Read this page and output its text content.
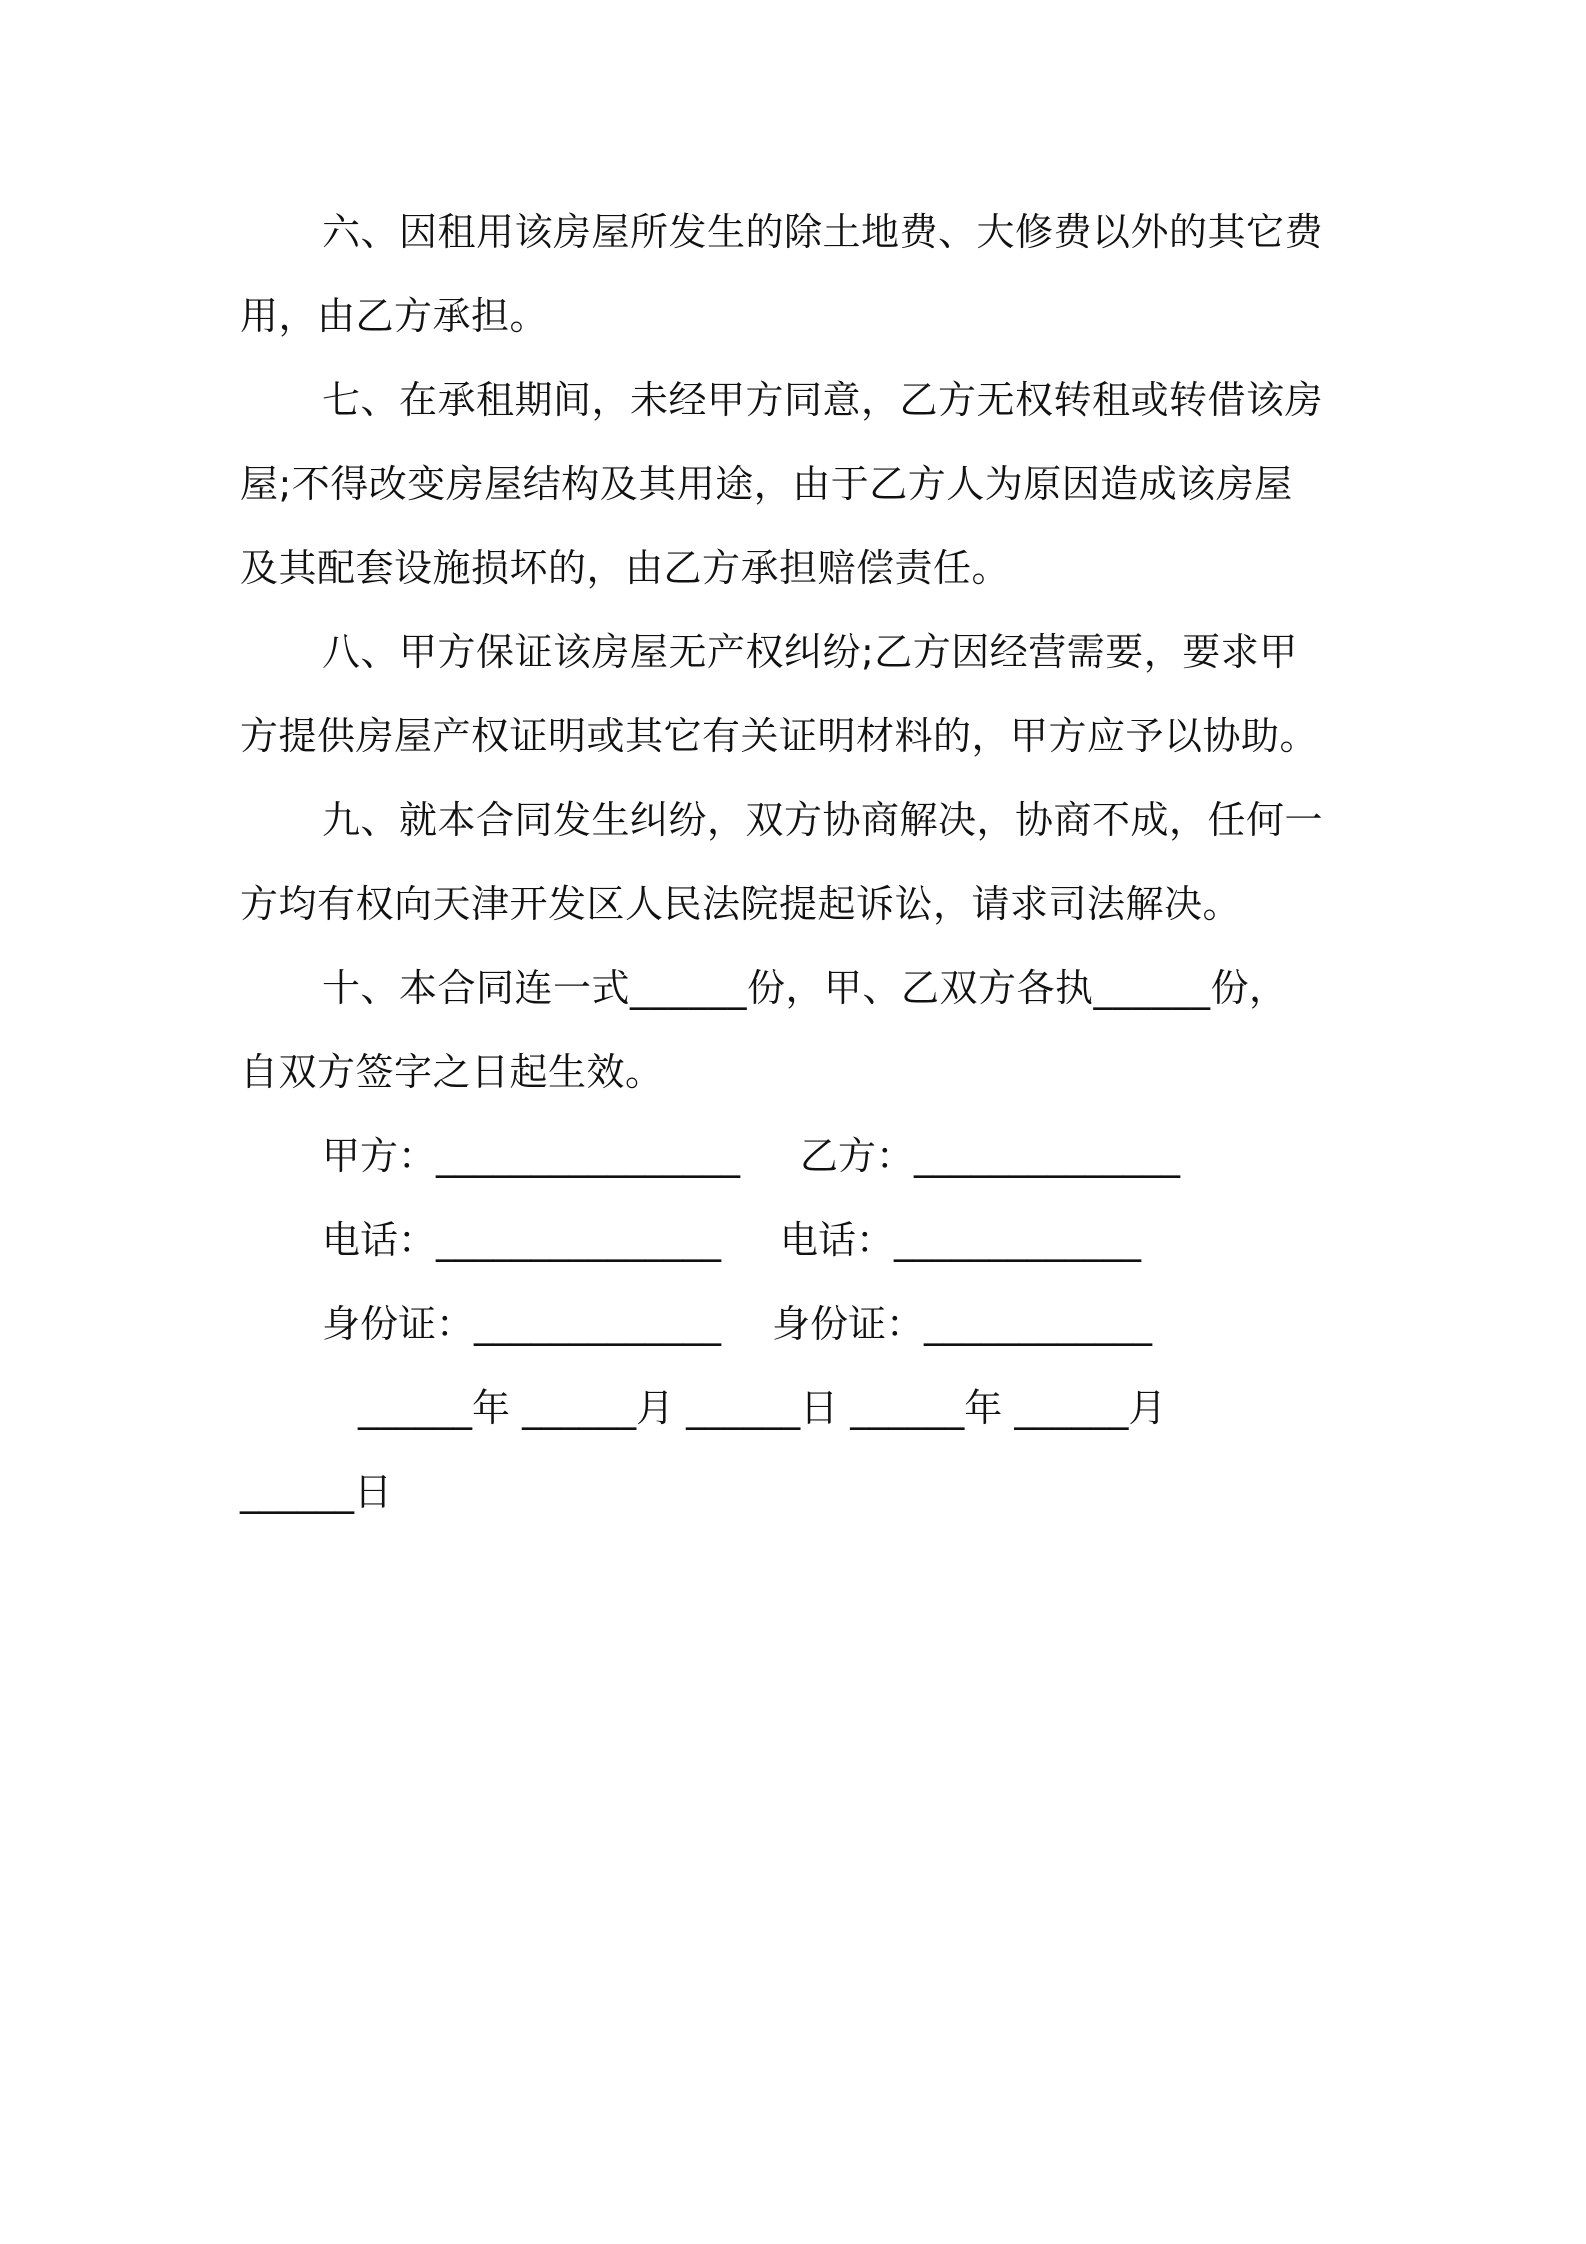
六、因租用该房屋所发生的除土地费、大修费以外的其它费
用，由乙方承担。
七、在承租期间，未经甲方同意，乙方无权转租或转借该房
屋;不得改变房屋结构及其用途，由于乙方人为原因造成该房屋
及其配套设施损坏的，由乙方承担赔偿责任。
八、甲方保证该房屋无产权纠纷;乙方因经营需要，要求甲
方提供房屋产权证明或其它有关证明材料的，甲方应予以协助。
九、就本合同发生纠纷，双方协商解决，协商不成，任何一
方均有权向天津开发区人民法院提起诉讼，请求司法解决。
十、本合同连一式______份，甲、乙双方各执______份，
自双方签字之日起生效。
甲方：________________ 乙方：______________
电话：_______________ 电话：_____________
身份证：_____________ 身份证：____________
______年 ______月 ______日 ______年 ______月
______日
